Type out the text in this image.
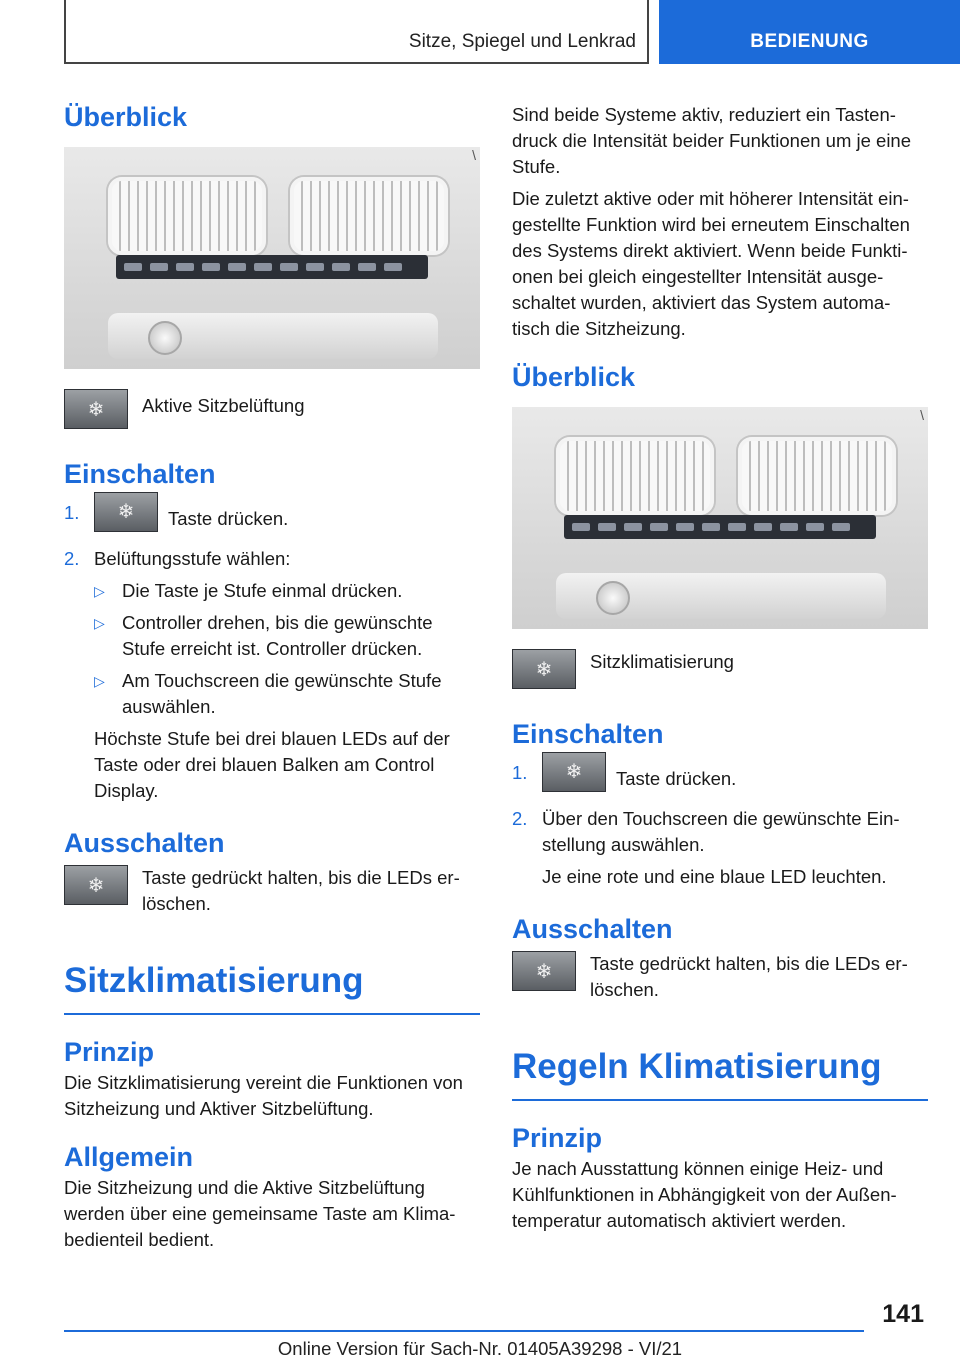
Sitze, Spiegel und Lenkrad	BEDIENUNG
Überblick
\
❄ Aktive Sitzbelüftung

Einschalten
1.	❄ Taste drücken.
2. Belüftungsstufe wählen:
▷ Die Taste je Stufe einmal drücken.
▷ Controller drehen, bis die gewünschte Stufe erreicht ist. Controller drücken.
▷ Am Touchscreen die gewünschte Stufe auswählen.

Höchste Stufe bei drei blauen LEDs auf der Taste oder drei blauen Balken am Control Display.

Ausschalten
❄ Taste gedrückt halten, bis die LEDs er‐löschen.

Sitzklimatisierung
Prinzip

Die Sitzklimatisierung vereint die Funktionen von Sitzheizung und Aktiver Sitzbelüftung.

Allgemein

Die Sitzheizung und die Aktive Sitzbelüftung werden über eine gemeinsame Taste am Klima‐bedienteil bedient.

Sind beide Systeme aktiv, reduziert ein Tasten‐druck die Intensität beider Funktionen um je eine Stufe.

Die zuletzt aktive oder mit höherer Intensität ein‐gestellte Funktion wird bei erneutem Einschalten des Systems direkt aktiviert. Wenn beide Funkti‐onen bei gleich eingestellter Intensität ausge‐schaltet wurden, aktiviert das System automa‐tisch die Sitzheizung.

Überblick
\
❄ Sitzklimatisierung

Einschalten
1.	❄ Taste drücken.
2. Über den Touchscreen die gewünschte Ein‐stellung auswählen.

Je eine rote und eine blaue LED leuchten.

Ausschalten
❄ Taste gedrückt halten, bis die LEDs er‐löschen.

Regeln Klimatisierung
Prinzip

Je nach Ausstattung können einige Heiz- und Kühlfunktionen in Abhängigkeit von der Außen‐temperatur automatisch aktiviert werden.

141
Online Version für Sach-Nr. 01405A39298 - VI/21
